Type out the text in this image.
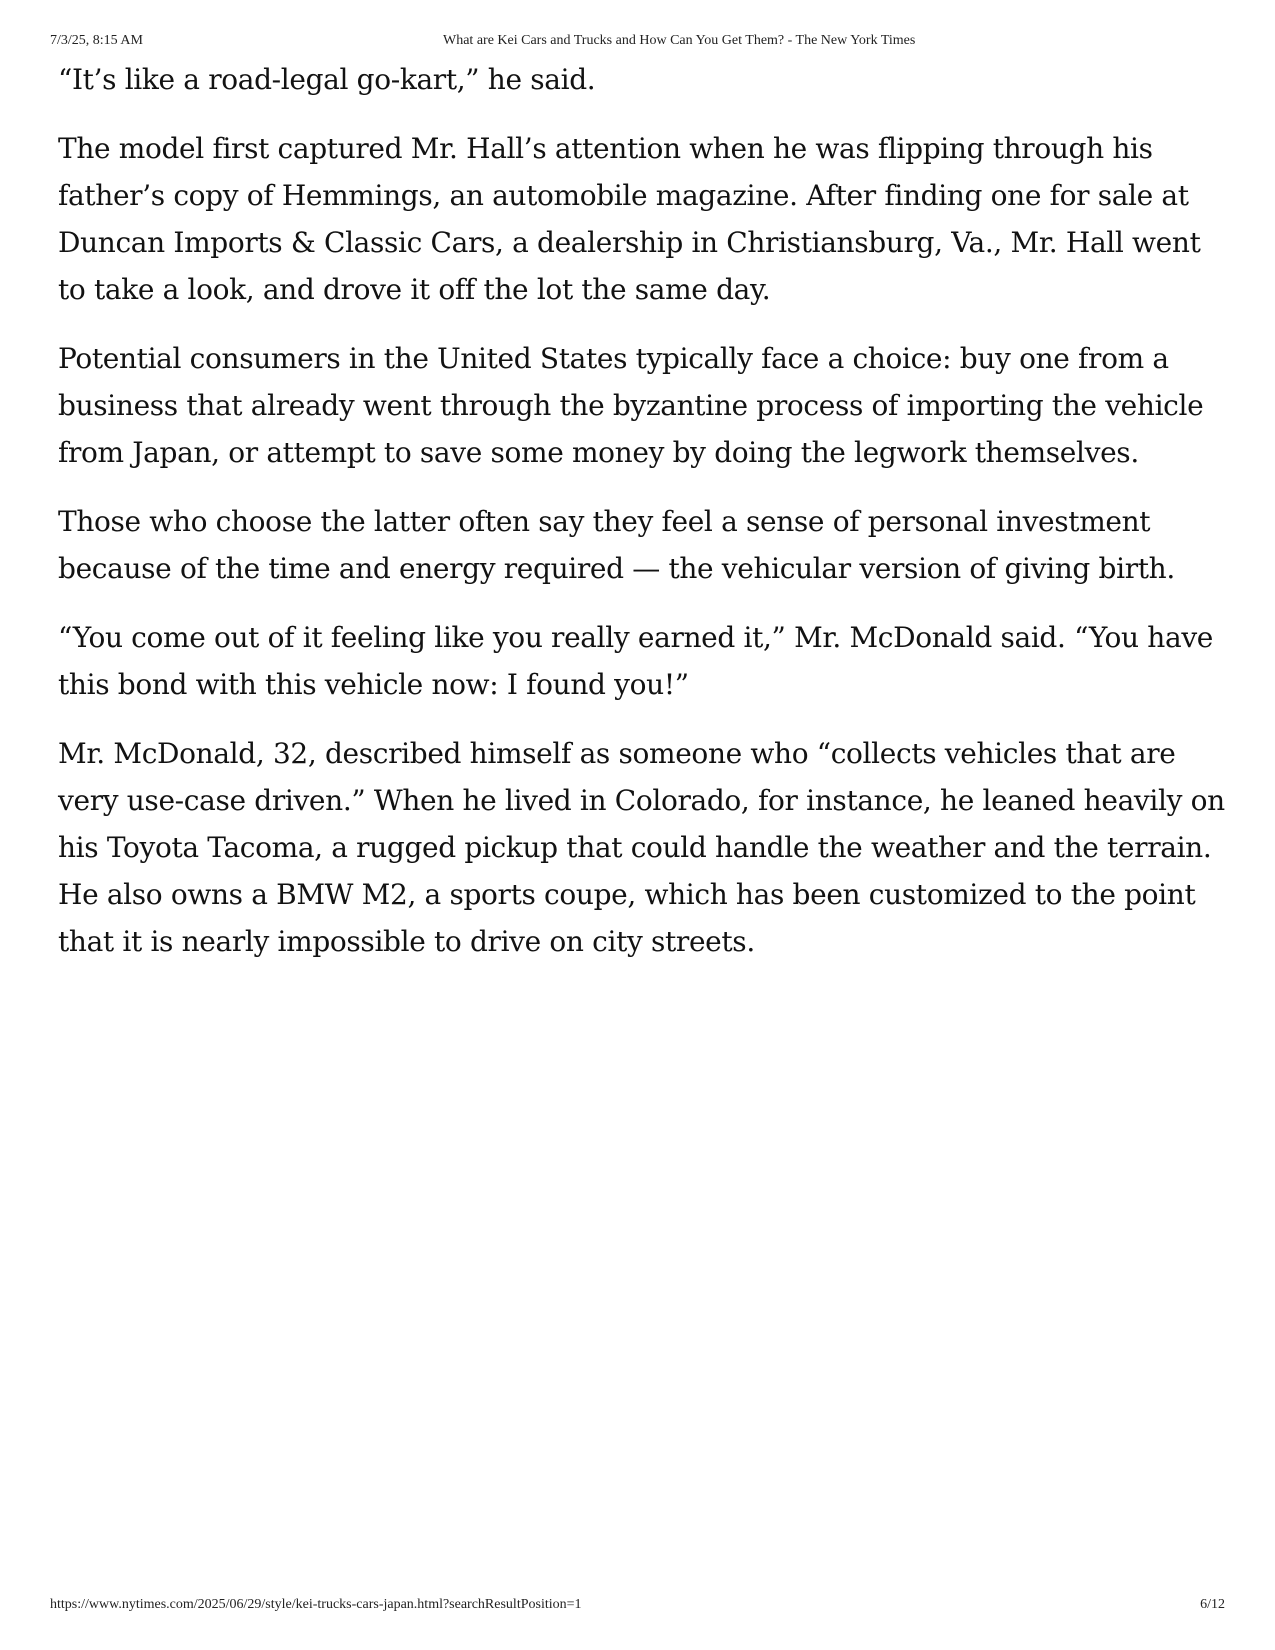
7/3/25, 8:15 AM	What are Kei Cars and Trucks and How Can You Get Them? - The New York Times

“It’s like a road-legal go-kart,” he said.

The model first captured Mr. Hall’s attention when he was flipping through his father’s copy of Hemmings, an automobile magazine. After finding one for sale at Duncan Imports & Classic Cars, a dealership in Christiansburg, Va., Mr. Hall went to take a look, and drove it off the lot the same day.

Potential consumers in the United States typically face a choice: buy one from a business that already went through the byzantine process of importing the vehicle from Japan, or attempt to save some money by doing the legwork themselves.

Those who choose the latter often say they feel a sense of personal investment because of the time and energy required — the vehicular version of giving birth.

“You come out of it feeling like you really earned it,” Mr. McDonald said. “You have this bond with this vehicle now: I found you!”

Mr. McDonald, 32, described himself as someone who “collects vehicles that are very use-case driven.” When he lived in Colorado, for instance, he leaned heavily on his Toyota Tacoma, a rugged pickup that could handle the weather and the terrain. He also owns a BMW M2, a sports coupe, which has been customized to the point that it is nearly impossible to drive on city streets.

https://www.nytimes.com/2025/06/29/style/kei-trucks-cars-japan.html?searchResultPosition=1	6/12
